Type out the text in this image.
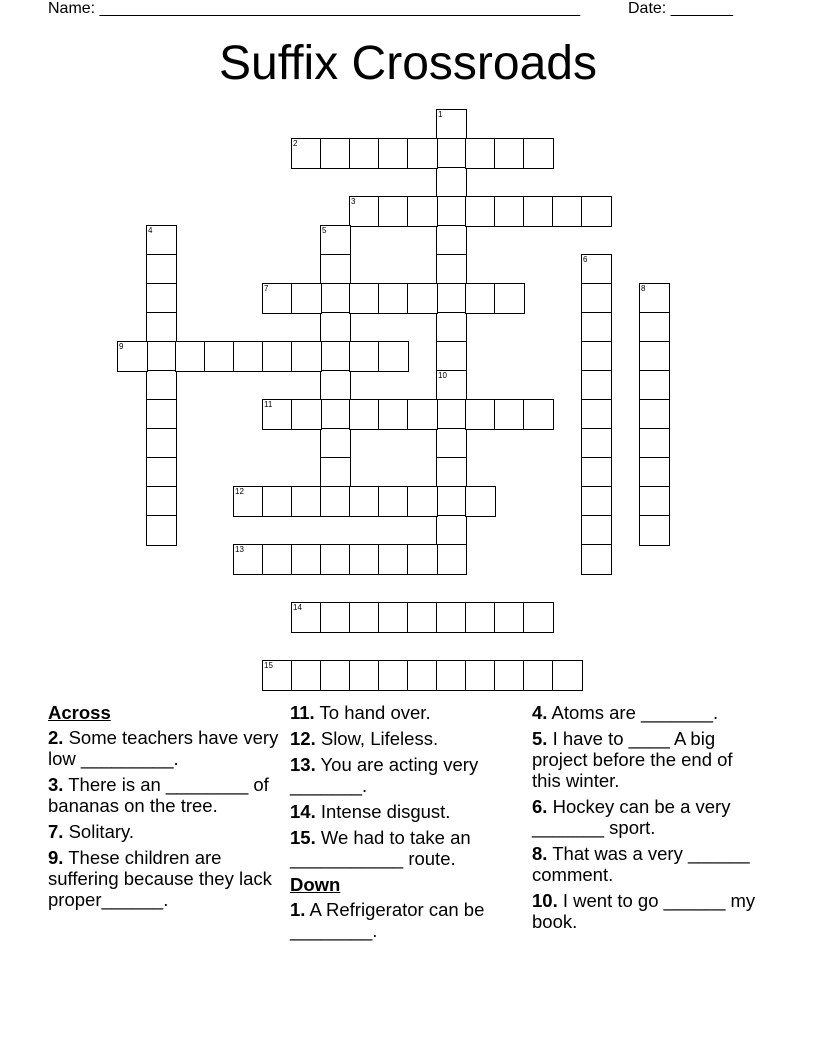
Name: ______________________________________________________	Date: _______
Suffix Crossroads
1
2
3
4	5
6
7	8
9
10
11
12
13
14
15
Across
2. Some teachers have very low _________.
3. There is an ________ of bananas on the tree.
7. Solitary.
9. These children are suffering because they lack proper______.
11. To hand over.
12. Slow, Lifeless.
13. You are acting very _______.
14. Intense disgust.
15. We had to take an ___________ route.
Down
1. A Refrigerator can be ________.
4. Atoms are _______.
5. I have to ____ A big project before the end of this winter.
6. Hockey can be a very _______ sport.
8. That was a very ______ comment.
10. I went to go ______ my book.
